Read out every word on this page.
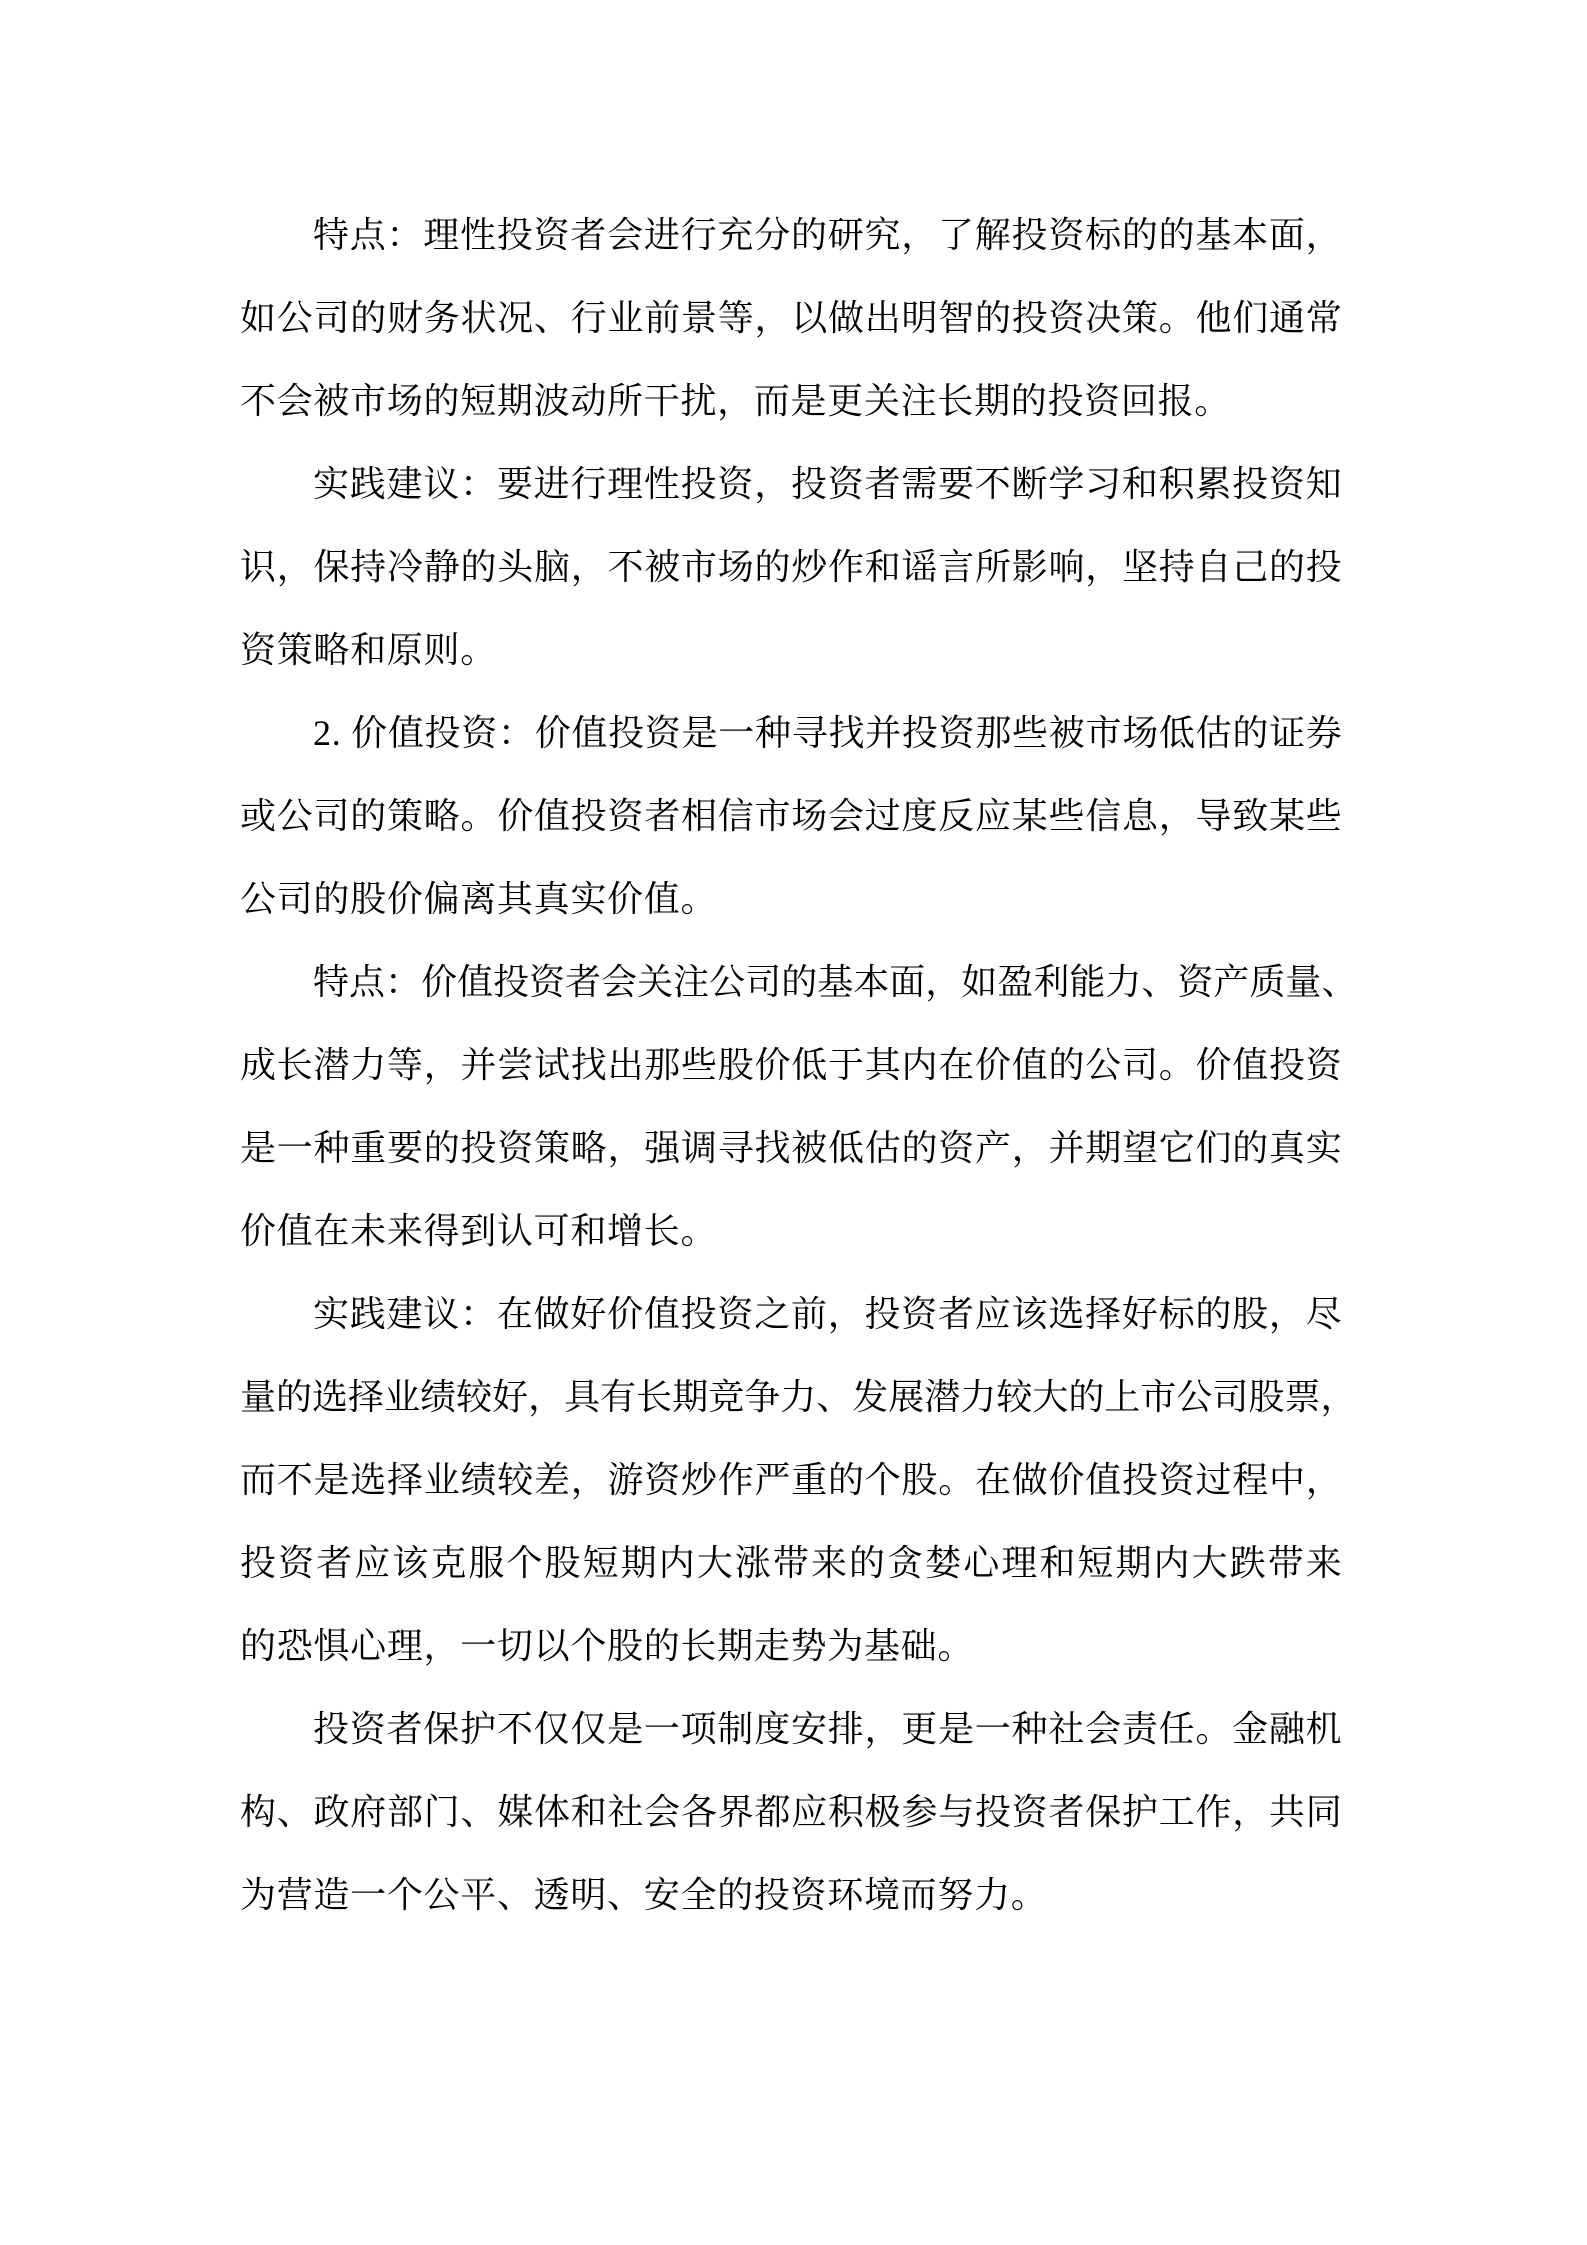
特 点 ： 理 性 投 资 者 会 进 行 充 分 的 研 究 ， 了 解 投 资 标 的 的 基 本 面 ，
如 公 司 的 财 务 状 况 、 行 业 前 景 等 ， 以 做 出 明 智 的 投 资 决 策 。 他 们 通 常
不 会 被 市 场 的 短 期 波 动 所 干 扰 ， 而 是 更 关 注 长 期 的 投 资 回 报 。
实 践 建 议 ： 要 进 行 理 性 投 资 ， 投 资 者 需 要 不 断 学 习 和 积 累 投 资 知
识 ， 保 持 冷 静 的 头 脑 ， 不 被 市 场 的 炒 作 和 谣 言 所 影 响 ， 坚 持 自 己 的 投
资 策 略 和 原 则 。
2 .
价 值 投 资 ： 价 值 投 资 是 一 种 寻 找 并 投 资 那 些 被 市 场 低 估 的 证 券
或 公 司 的 策 略 。 价 值 投 资 者 相 信 市 场 会 过 度 反 应 某 些 信 息 ， 导 致 某 些
公 司 的 股 价 偏 离 其 真 实 价 值 。
特 点 ： 价 值 投 资 者 会 关 注 公 司 的 基 本 面 ， 如 盈 利 能 力 、 资 产 质 量 、
成 长 潜 力 等 ， 并 尝 试 找 出 那 些 股 价 低 于 其 内 在 价 值 的 公 司 。 价 值 投 资
是 一 种 重 要 的 投 资 策 略 ， 强 调 寻 找 被 低 估 的 资 产 ， 并 期 望 它 们 的 真 实
价 值 在 未 来 得 到 认 可 和 增 长 。
实 践 建 议 ： 在 做 好 价 值 投 资 之 前 ， 投 资 者 应 该 选 择 好 标 的 股 ， 尽
量 的 选 择 业 绩 较 好 ， 具 有 长 期 竞 争 力 、 发 展 潜 力 较 大 的 上 市 公 司 股 票 ，
而 不 是 选 择 业 绩 较 差 ， 游 资 炒 作 严 重 的 个 股 。 在 做 价 值 投 资 过 程 中 ，
投 资 者 应 该 克 服 个 股 短 期 内 大 涨 带 来 的 贪 婪 心 理 和 短 期 内 大 跌 带 来
的 恐 惧 心 理 ， 一 切 以 个 股 的 长 期 走 势 为 基 础 。
投 资 者 保 护 不 仅 仅 是 一 项 制 度 安 排 ， 更 是 一 种 社 会 责 任 。 金 融 机
构 、 政 府 部 门 、 媒 体 和 社 会 各 界 都 应 积 极 参 与 投 资 者 保 护 工 作 ， 共 同
为 营 造 一 个 公 平 、 透 明 、 安 全 的 投 资 环 境 而 努 力 。
